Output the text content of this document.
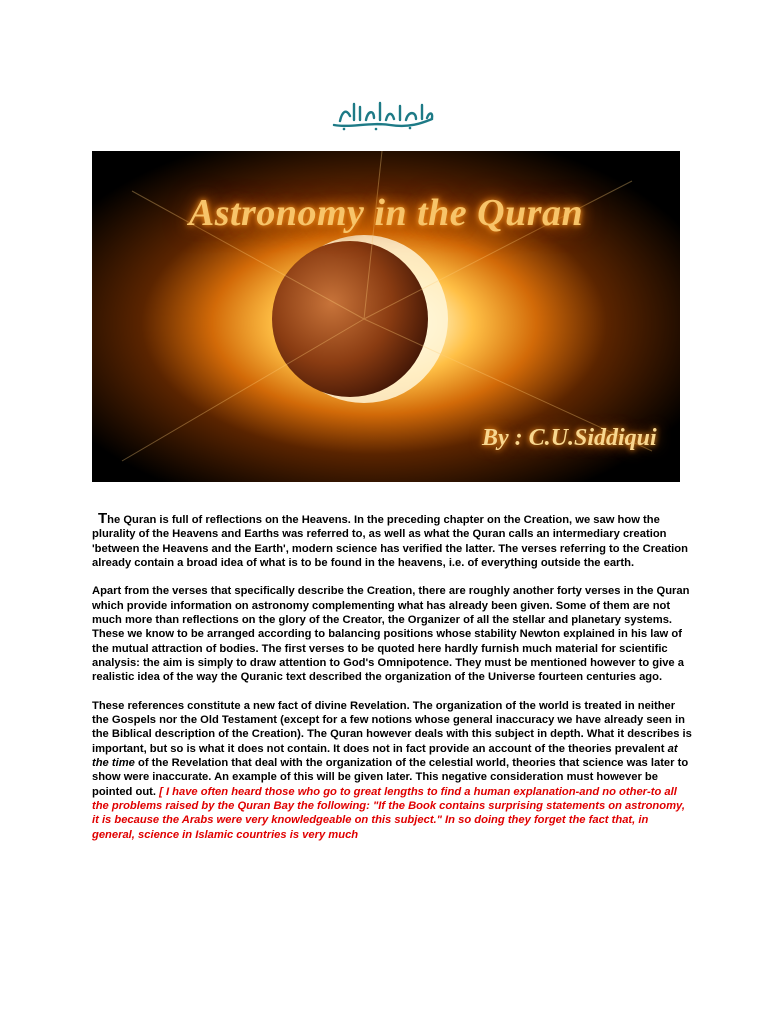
Astronomy in the Quran
By : C.U.Siddiqui

The Quran is full of reflections on the Heavens. In the preceding chapter on the Creation, we saw how the plurality of the Heavens and Earths was referred to, as well as what the Quran calls an intermediary creation 'between the Heavens and the Earth', modern science has verified the latter. The verses referring to the Creation already contain a broad idea of what is to be found in the heavens, i.e. of everything outside the earth.

Apart from the verses that specifically describe the Creation, there are roughly another forty verses in the Quran which provide information on astronomy complementing what has already been given. Some of them are not much more than reflections on the glory of the Creator, the Organizer of all the stellar and planetary systems. These we know to be arranged according to balancing positions whose stability Newton explained in his law of the mutual attraction of bodies. The first verses to be quoted here hardly furnish much material for scientific analysis: the aim is simply to draw attention to God's Omnipotence. They must be mentioned however to give a realistic idea of the way the Quranic text described the organization of the Universe fourteen centuries ago.

These references constitute a new fact of divine Revelation. The organization of the world is treated in neither the Gospels nor the Old Testament (except for a few notions whose general inaccuracy we have already seen in the Biblical description of the Creation). The Quran however deals with this subject in depth. What it describes is important, but so is what it does not contain. It does not in fact provide an account of the theories prevalent at the time of the Revelation that deal with the organization of the celestial world, theories that science was later to show were inaccurate. An example of this will be given later. This negative consideration must however be pointed out. [ I have often heard those who go to great lengths to find a human explanation-and no other-to all the problems raised by the Quran Bay the following: "If the Book contains surprising statements on astronomy, it is because the Arabs were very knowledgeable on this subject." In so doing they forget the fact that, in general, science in Islamic countries is very much
